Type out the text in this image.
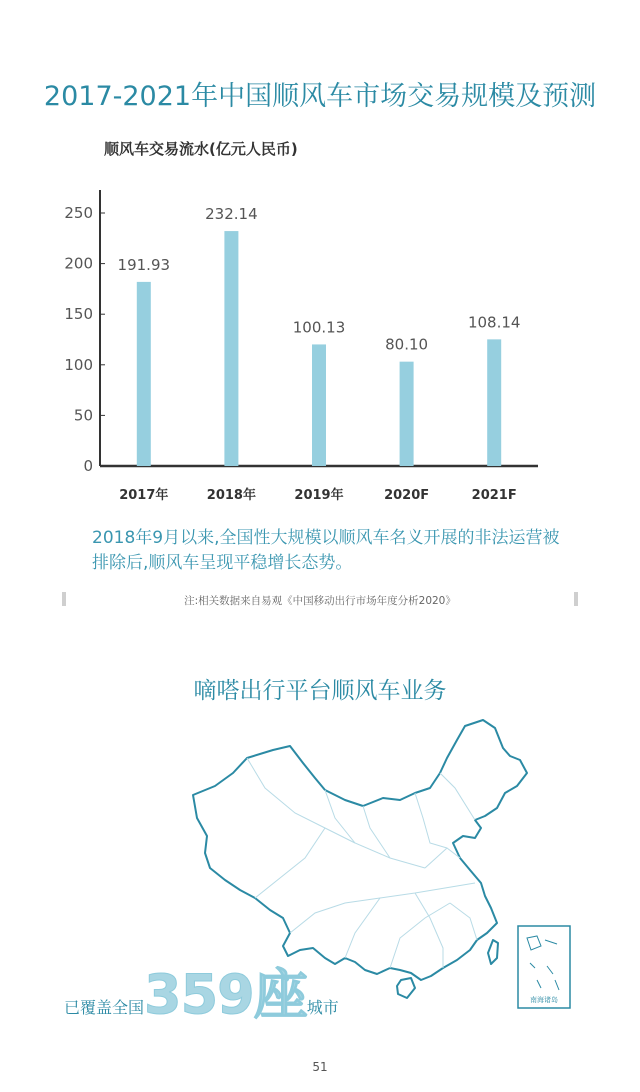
2017-2021年中国顺风车市场交易规模及预测
顺风车交易流水(亿元人民币)
0
50
100
150
200
250
191.93
2017年
232.14
2018年
100.13
2019年
80.10
2020F
108.14
2021F
2018年9月以来,全国性大规模以顺风车名义开展的非法运营被排除后,顺风车呈现平稳增长态势。
注:相关数据来自易观《中国移动出行市场年度分析2020》
嘀嗒出行平台顺风车业务
南海诸岛
已覆盖全国359座城市
51
